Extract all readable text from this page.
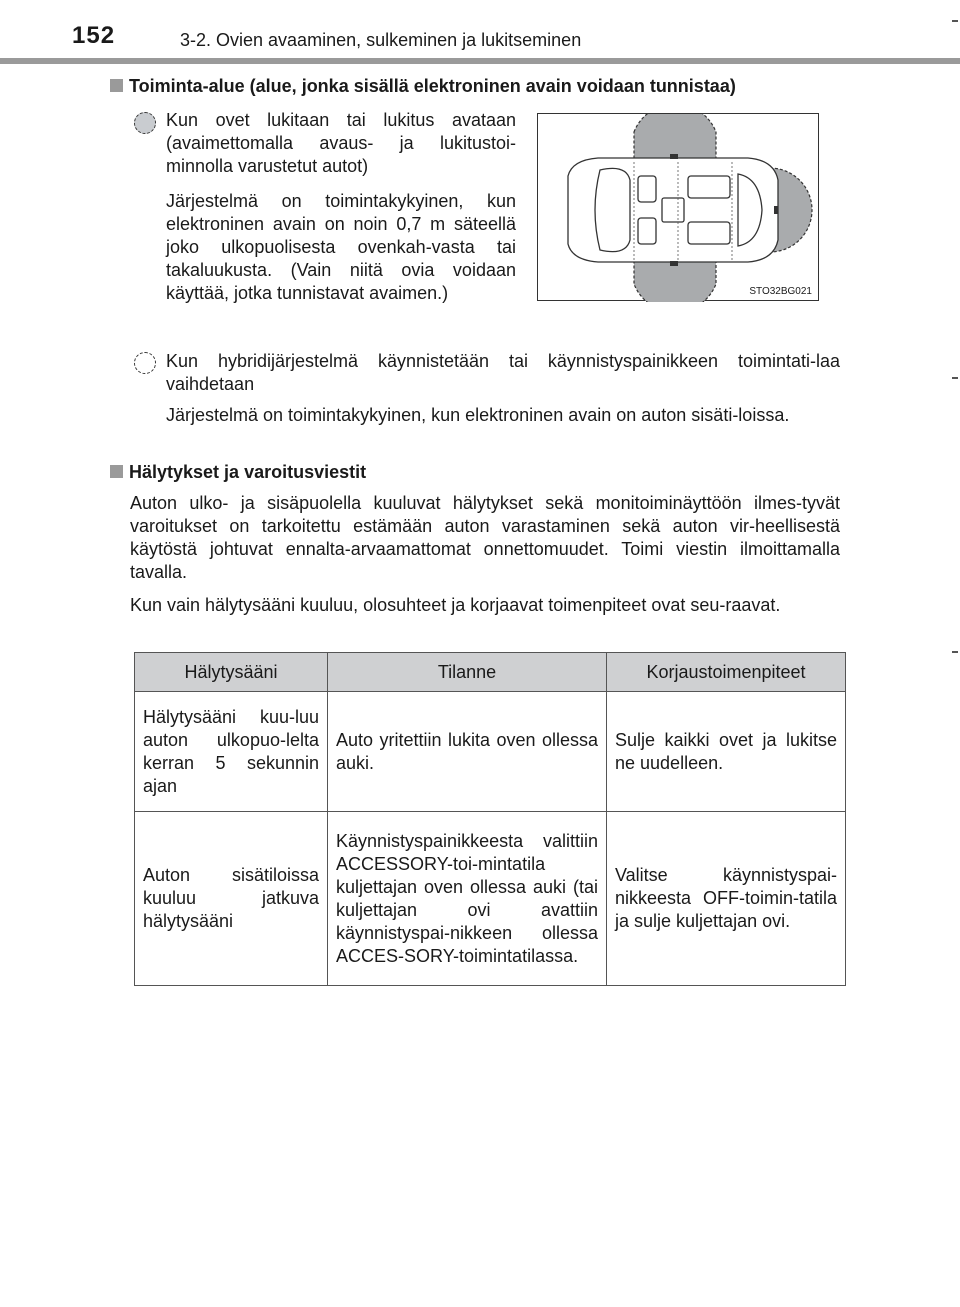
152	3-2. Ovien avaaminen, sulkeminen ja lukitseminen
Toiminta-alue (alue, jonka sisällä elektroninen avain voidaan tunnistaa)
Kun ovet lukitaan tai lukitus avataan (avaimettomalla avaus- ja lukitustoi-minnolla varustetut autot)
Järjestelmä on toimintakykyinen, kun elektroninen avain on noin 0,7 m säteellä joko ulkopuolisesta ovenkah-vasta tai takaluukusta. (Vain niitä ovia voidaan käyttää, jotka tunnistavat avaimen.)	STO32BG021
Kun hybridijärjestelmä käynnistetään tai käynnistyspainikkeen toimintati-laa vaihdetaan
Järjestelmä on toimintakykyinen, kun elektroninen avain on auton sisäti-loissa.
Hälytykset ja varoitusviestit
Auton ulko- ja sisäpuolella kuuluvat hälytykset sekä monitoiminäyttöön ilmes-tyvät varoitukset on tarkoitettu estämään auton varastaminen sekä auton vir-heellisestä käytöstä johtuvat ennalta-arvaamattomat onnettomuudet. Toimi viestin ilmoittamalla tavalla.
Kun vain hälytysääni kuuluu, olosuhteet ja korjaavat toimenpiteet ovat seu-raavat.
Hälytysääni	Tilanne	Korjaustoimenpiteet
Hälytysääni kuu-luu auton ulkopuo-lelta kerran 5 sekunnin ajan	Auto yritettiin lukita oven ollessa auki.	Sulje kaikki ovet ja lukitse ne uudelleen.
Auton sisätiloissa kuuluu jatkuva hälytysääni	Käynnistyspainikkeesta valittiin ACCESSORY-toi-mintatila kuljettajan oven ollessa auki (tai kuljettajan ovi avattiin käynnistyspai-nikkeen ollessa ACCES-SORY-toimintatilassa.	Valitse käynnistyspai-nikkeesta OFF-toimin-tatila ja sulje kuljettajan ovi.
